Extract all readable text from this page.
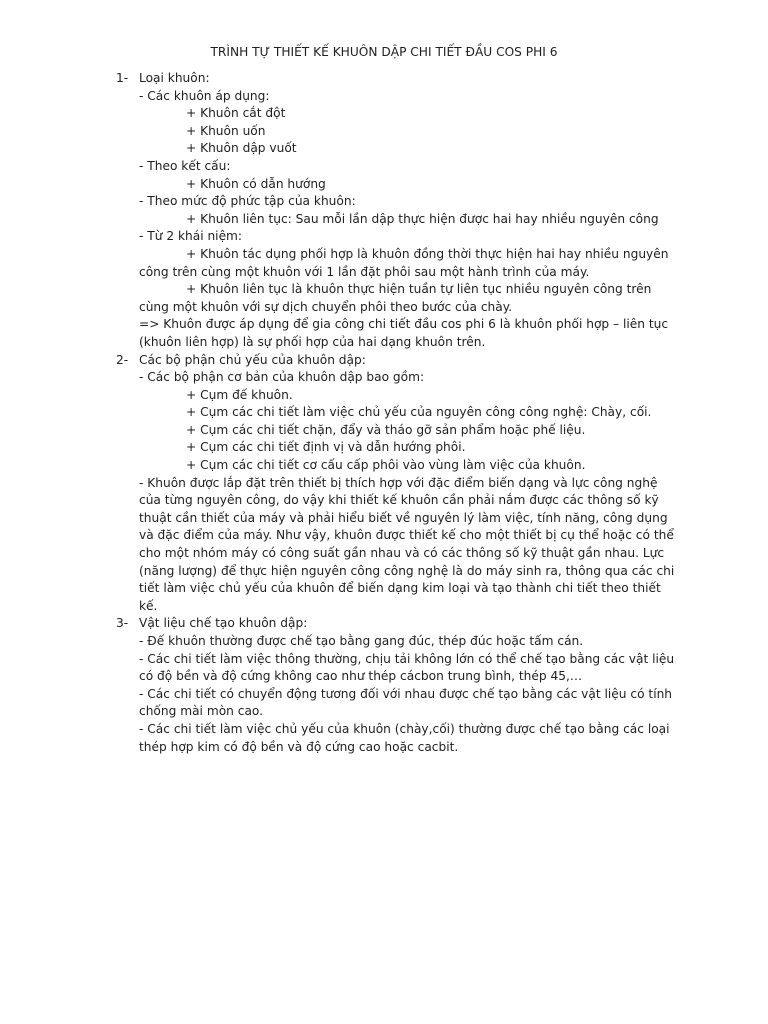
TRÌNH TỰ THIẾT KẾ KHUÔN DẬP CHI TIẾT ĐẦU COS PHI 6
1- Loại khuôn:
- Các khuôn áp dụng:
+ Khuôn cắt đột
+ Khuôn uốn
+ Khuôn dập vuốt
- Theo kết cấu:
+ Khuôn có dẫn hướng
- Theo mức độ phức tập của khuôn:
+ Khuôn liên tục: Sau mỗi lần dập thực hiện được hai hay nhiều nguyên công
- Từ 2 khái niệm:
+ Khuôn tác dụng phối hợp là khuôn đồng thời thực hiện hai hay nhiều nguyên công trên cùng một khuôn với 1 lần đặt phôi sau một hành trình của máy.
+ Khuôn liên tục là khuôn thực hiện tuần tự liên tục nhiều nguyên công trên cùng một khuôn với sự dịch chuyển phôi theo bước của chày.
=> Khuôn được áp dụng để gia công chi tiết đầu cos phi 6 là khuôn phối hợp – liên tục (khuôn liên hợp) là sự phối hợp của hai dạng khuôn trên.
2- Các bộ phận chủ yếu của khuôn dập:
- Các bộ phận cơ bản của khuôn dập bao gồm:
+ Cụm đế khuôn.
+ Cụm các chi tiết làm việc chủ yếu của nguyên công công nghệ: Chày, cối.
+ Cụm các chi tiết chặn, đẩy và tháo gỡ sản phẩm hoặc phế liệu.
+ Cụm các chi tiết định vị và dẫn hướng phôi.
+ Cụm các chi tiết cơ cấu cấp phôi vào vùng làm việc của khuôn.
- Khuôn được lắp đặt trên thiết bị thích hợp với đặc điểm biến dạng và lực công nghệ của từng nguyên công, do vậy khi thiết kế khuôn cần phải nắm được các thông số kỹ thuật cần thiết của máy và phải hiểu biết về nguyên lý làm việc, tính năng, công dụng và đặc điểm của máy. Như vậy, khuôn được thiết kế cho một thiết bị cụ thể hoặc có thể cho một nhóm máy có công suất gần nhau và có các thông số kỹ thuật gần nhau. Lực (năng lượng) để thực hiện nguyên công công nghệ là do máy sinh ra, thông qua các chi tiết làm việc chủ yếu của khuôn để biến dạng kim loại và tạo thành chi tiết theo thiết kế.
3- Vật liệu chế tạo khuôn dập:
- Đế khuôn thường được chế tạo bằng gang đúc, thép đúc hoặc tấm cán.
- Các chi tiết làm việc thông thường, chịu tải không lớn có thể chế tạo bằng các vật liệu có độ bền và độ cứng không cao như thép cácbon trung bình, thép 45,…
- Các chi tiết có chuyển động tương đối với nhau được chế tạo bằng các vật liệu có tính chống mài mòn cao.
- Các chi tiết làm việc chủ yếu của khuôn (chày,cối) thường được chế tạo bằng các loại thép hợp kim có độ bền và độ cứng cao hoặc cacbit.
